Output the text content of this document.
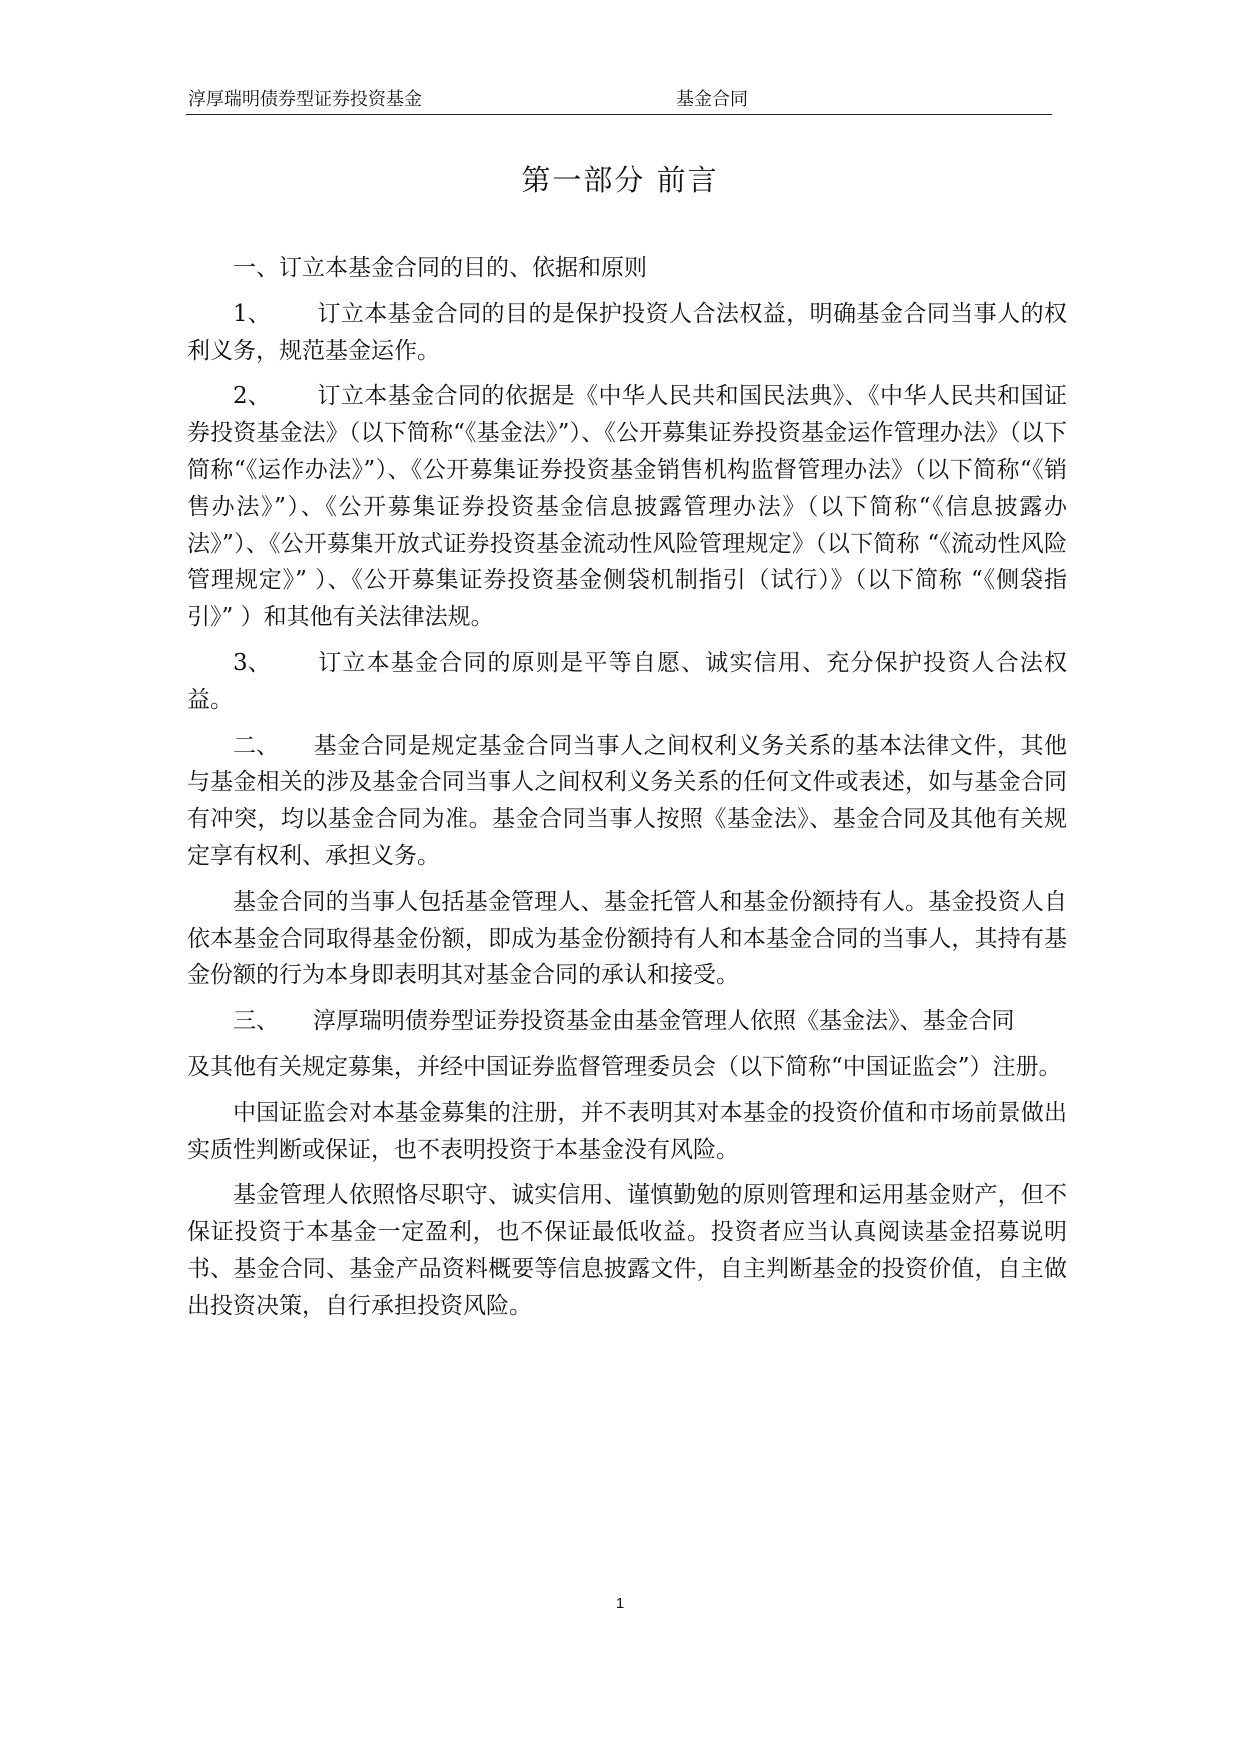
淳厚瑞明债券型证券投资基金	基金合同
第一部分 前言

一、订立本基金合同的目的、依据和原则

1、 订立本基金合同的目的是保护投资人合法权益，明确基金合同当事人的权利义务，规范基金运作。

2、 订立本基金合同的依据是《中华人民共和国民法典》、《中华人民共和国证券投资基金法》（以下简称“《基金法》”）、《公开募集证券投资基金运作管理办法》（以下简称“《运作办法》”）、《公开募集证券投资基金销售机构监督管理办法》（以下简称“《销售办法》”）、《公开募集证券投资基金信息披露管理办法》（以下简称“《信息披露办法》”）、《公开募集开放式证券投资基金流动性风险管理规定》（以下简称 “《流动性风险管理规定》” ）、《公开募集证券投资基金侧袋机制指引（试行）》（以下简称 “《侧袋指引》” ）和其他有关法律法规。

3、 订立本基金合同的原则是平等自愿、诚实信用、充分保护投资人合法权益。

二、 基金合同是规定基金合同当事人之间权利义务关系的基本法律文件，其他与基金相关的涉及基金合同当事人之间权利义务关系的任何文件或表述，如与基金合同有冲突，均以基金合同为准。基金合同当事人按照《基金法》、基金合同及其他有关规定享有权利、承担义务。

基金合同的当事人包括基金管理人、基金托管人和基金份额持有人。基金投资人自依本基金合同取得基金份额，即成为基金份额持有人和本基金合同的当事人，其持有基金份额的行为本身即表明其对基金合同的承认和接受。

三、 淳厚瑞明债券型证券投资基金由基金管理人依照《基金法》、基金合同

及其他有关规定募集，并经中国证券监督管理委员会（以下简称“中国证监会”）注册。

中国证监会对本基金募集的注册，并不表明其对本基金的投资价值和市场前景做出实质性判断或保证，也不表明投资于本基金没有风险。

基金管理人依照恪尽职守、诚实信用、谨慎勤勉的原则管理和运用基金财产，但不保证投资于本基金一定盈利，也不保证最低收益。投资者应当认真阅读基金招募说明书、基金合同、基金产品资料概要等信息披露文件，自主判断基金的投资价值，自主做出投资决策，自行承担投资风险。

1
